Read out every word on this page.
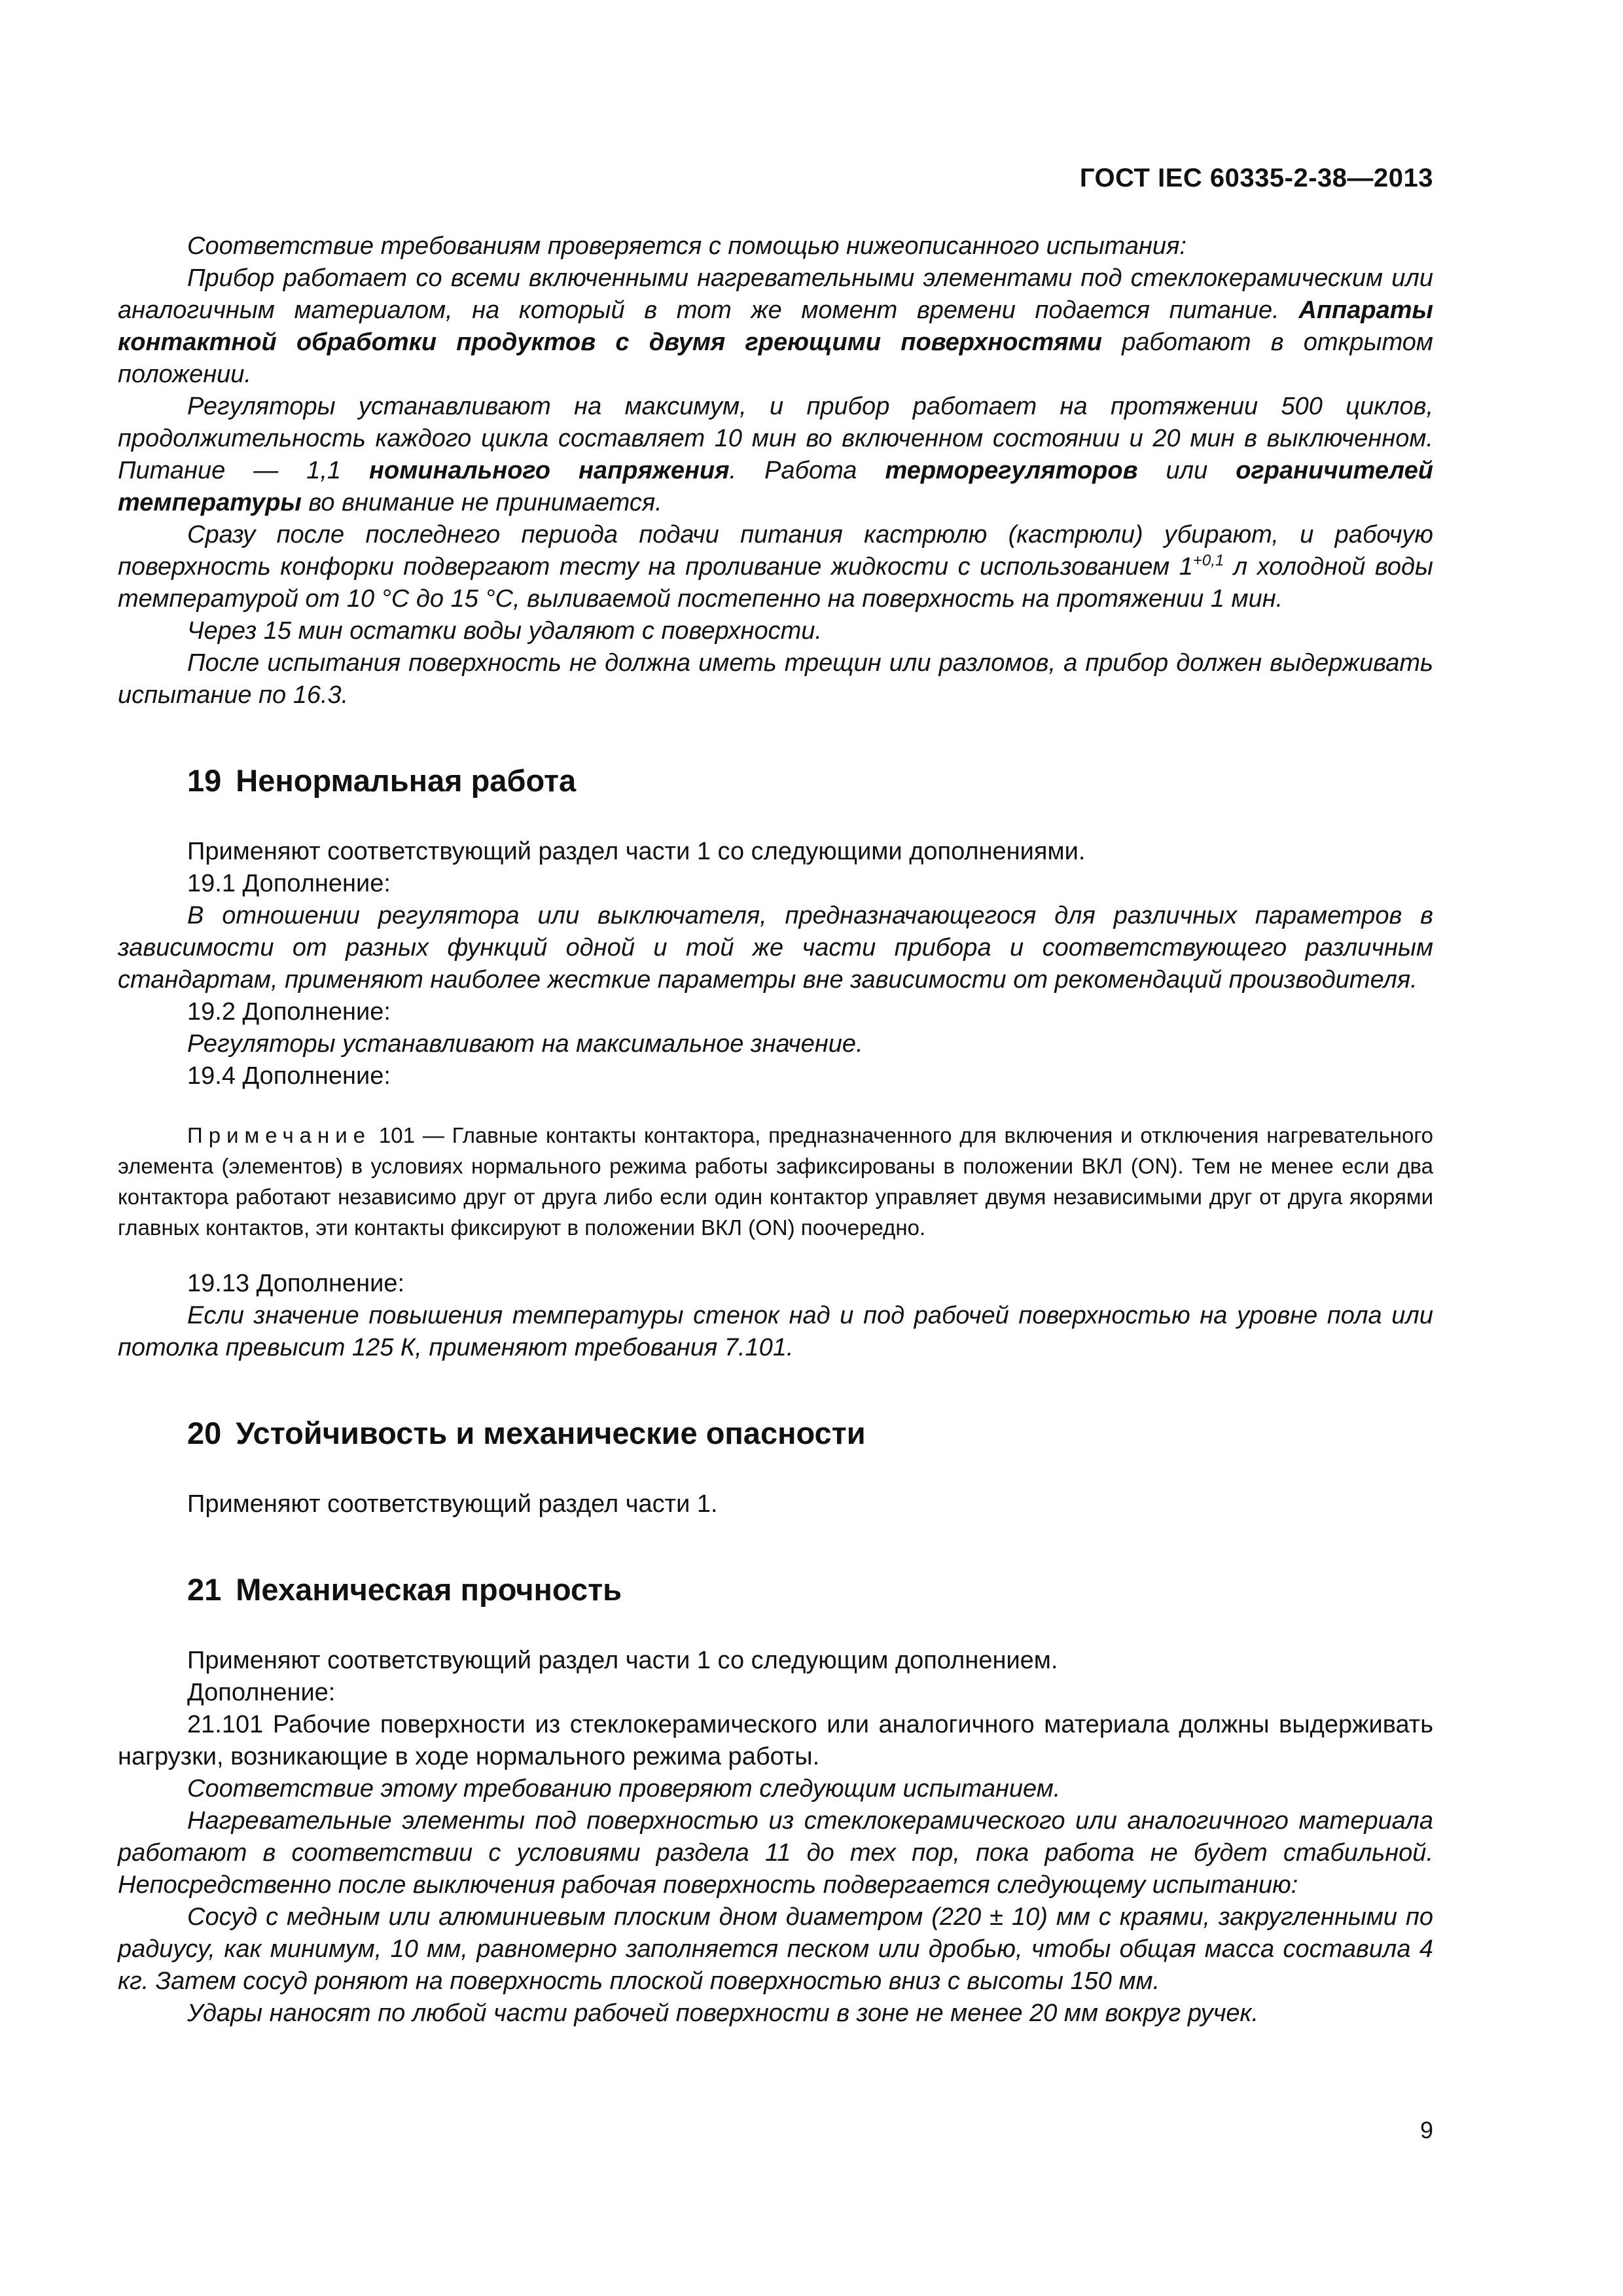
ГОСТ IEC 60335-2-38—2013

Соответствие требованиям проверяется с помощью нижеописанного испытания:

Прибор работает со всеми включенными нагревательными элементами под стеклокерамическим или аналогичным материалом, на который в тот же момент времени подается питание. Аппараты контактной обработки продуктов с двумя греющими поверхностями работают в открытом положении.

Регуляторы устанавливают на максимум, и прибор работает на протяжении 500 циклов, продолжительность каждого цикла составляет 10 мин во включенном состоянии и 20 мин в выключенном. Питание — 1,1 номинального напряжения. Работа терморегуляторов или ограничителей температуры во внимание не принимается.

Сразу после последнего периода подачи питания кастрюлю (кастрюли) убирают, и рабочую поверхность конфорки подвергают тесту на проливание жидкости с использованием $1^{+0,1}$ л холодной воды температурой от 10 °С до 15 °С, выливаемой постепенно на поверхность на протяжении 1 мин.

Через 15 мин остатки воды удаляют с поверхности.

После испытания поверхность не должна иметь трещин или разломов, а прибор должен выдерживать испытание по 16.3.

19 Ненормальная работа

Применяют соответствующий раздел части 1 со следующими дополнениями.

19.1 Дополнение:

В отношении регулятора или выключателя, предназначающегося для различных параметров в зависимости от разных функций одной и той же части прибора и соответствующего различным стандартам, применяют наиболее жесткие параметры вне зависимости от рекомендаций производителя.

19.2 Дополнение:

Регуляторы устанавливают на максимальное значение.

19.4 Дополнение:

Примечание 101 — Главные контакты контактора, предназначенного для включения и отключения нагревательного элемента (элементов) в условиях нормального режима работы зафиксированы в положении ВКЛ (ON). Тем не менее если два контактора работают независимо друг от друга либо если один контактор управляет двумя независимыми друг от друга якорями главных контактов, эти контакты фиксируют в положении ВКЛ (ON) поочередно.

19.13 Дополнение:

Если значение повышения температуры стенок над и под рабочей поверхностью на уровне пола или потолка превысит 125 К, применяют требования 7.101.

20 Устойчивость и механические опасности

Применяют соответствующий раздел части 1.

21 Механическая прочность

Применяют соответствующий раздел части 1 со следующим дополнением.

Дополнение:

21.101 Рабочие поверхности из стеклокерамического или аналогичного материала должны выдерживать нагрузки, возникающие в ходе нормального режима работы.

Соответствие этому требованию проверяют следующим испытанием.

Нагревательные элементы под поверхностью из стеклокерамического или аналогичного материала работают в соответствии с условиями раздела 11 до тех пор, пока работа не будет стабильной. Непосредственно после выключения рабочая поверхность подвергается следующему испытанию:

Сосуд с медным или алюминиевым плоским дном диаметром (220 ± 10) мм с краями, закругленными по радиусу, как минимум, 10 мм, равномерно заполняется песком или дробью, чтобы общая масса составила 4 кг. Затем сосуд роняют на поверхность плоской поверхностью вниз с высоты 150 мм.

Удары наносят по любой части рабочей поверхности в зоне не менее 20 мм вокруг ручек.

9
